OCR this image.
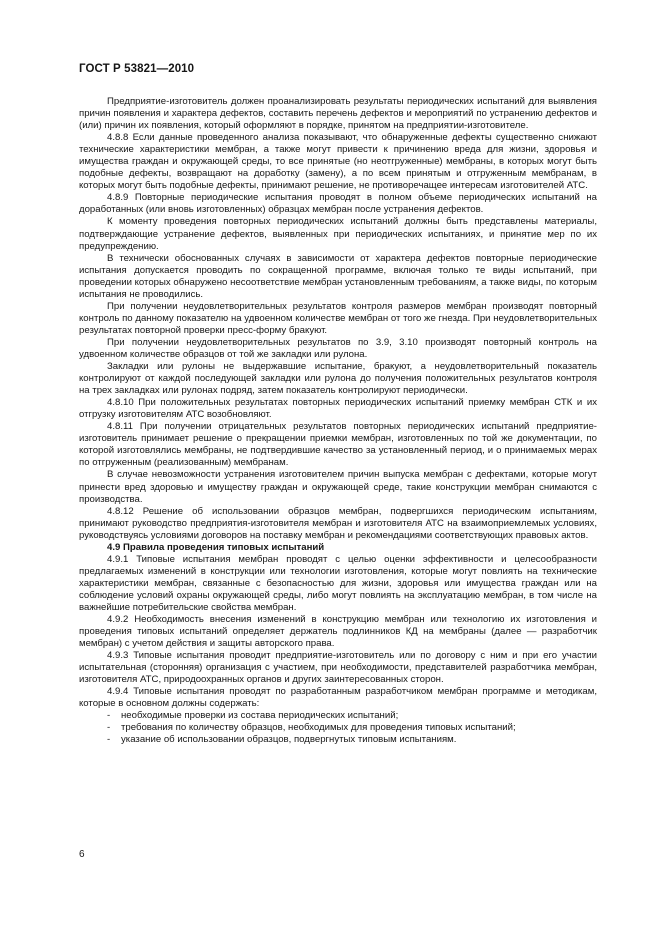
ГОСТ Р 53821—2010

Предприятие-изготовитель должен проанализировать результаты периодических испытаний для выявления причин появления и характера дефектов, составить перечень дефектов и мероприятий по устранению дефектов и (или) причин их появления, который оформляют в порядке, принятом на предприятии-изготовителе.

4.8.8 Если данные проведенного анализа показывают, что обнаруженные дефекты существенно снижают технические характеристики мембран, а также могут привести к причинению вреда для жизни, здоровья и имущества граждан и окружающей среды, то все принятые (но неотгруженные) мембраны, в которых могут быть подобные дефекты, возвращают на доработку (замену), а по всем принятым и отгруженным мембранам, в которых могут быть подобные дефекты, принимают решение, не противоречащее интересам изготовителей АТС.

4.8.9 Повторные периодические испытания проводят в полном объеме периодических испытаний на доработанных (или вновь изготовленных) образцах мембран после устранения дефектов.

К моменту проведения повторных периодических испытаний должны быть представлены материалы, подтверждающие устранение дефектов, выявленных при периодических испытаниях, и принятие мер по их предупреждению.

В технически обоснованных случаях в зависимости от характера дефектов повторные периодические испытания допускается проводить по сокращенной программе, включая только те виды испытаний, при проведении которых обнаружено несоответствие мембран установленным требованиям, а также виды, по которым испытания не проводились.

При получении неудовлетворительных результатов контроля размеров мембран производят повторный контроль по данному показателю на удвоенном количестве мембран от того же гнезда. При неудовлетворительных результатах повторной проверки пресс-форму бракуют.

При получении неудовлетворительных результатов по 3.9, 3.10 производят повторный контроль на удвоенном количестве образцов от той же закладки или рулона.

Закладки или рулоны не выдержавшие испытание, бракуют, а неудовлетворительный показатель контролируют от каждой последующей закладки или рулона до получения положительных результатов контроля на трех закладках или рулонах подряд, затем показатель контролируют периодически.

4.8.10 При положительных результатах повторных периодических испытаний приемку мембран СТК и их отгрузку изготовителям АТС возобновляют.

4.8.11 При получении отрицательных результатов повторных периодических испытаний предприятие-изготовитель принимает решение о прекращении приемки мембран, изготовленных по той же документации, по которой изготовлялись мембраны, не подтвердившие качество за установленный период, и о принимаемых мерах по отгруженным (реализованным) мембранам.

В случае невозможности устранения изготовителем причин выпуска мембран с дефектами, которые могут принести вред здоровью и имуществу граждан и окружающей среде, такие конструкции мембран снимаются с производства.

4.8.12 Решение об использовании образцов мембран, подвергшихся периодическим испытаниям, принимают руководство предприятия-изготовителя мембран и изготовителя АТС на взаимоприемлемых условиях, руководствуясь условиями договоров на поставку мембран и рекомендациями соответствующих правовых актов.

4.9 Правила проведения типовых испытаний

4.9.1 Типовые испытания мембран проводят с целью оценки эффективности и целесообразности предлагаемых изменений в конструкции или технологии изготовления, которые могут повлиять на технические характеристики мембран, связанные с безопасностью для жизни, здоровья или имущества граждан или на соблюдение условий охраны окружающей среды, либо могут повлиять на эксплуатацию мембран, в том числе на важнейшие потребительские свойства мембран.

4.9.2 Необходимость внесения изменений в конструкцию мембран или технологию их изготовления и проведения типовых испытаний определяет держатель подлинников КД на мембраны (далее — разработчик мембран) с учетом действия и защиты авторского права.

4.9.3 Типовые испытания проводит предприятие-изготовитель или по договору с ним и при его участии испытательная (сторонняя) организация с участием, при необходимости, представителей разработчика мембран, изготовителя АТС, природоохранных органов и других заинтересованных сторон.

4.9.4 Типовые испытания проводят по разработанным разработчиком мембран программе и методикам, которые в основном должны содержать:

- необходимые проверки из состава периодических испытаний;
- требования по количеству образцов, необходимых для проведения типовых испытаний;
- указание об использовании образцов, подвергнутых типовым испытаниям.
6
